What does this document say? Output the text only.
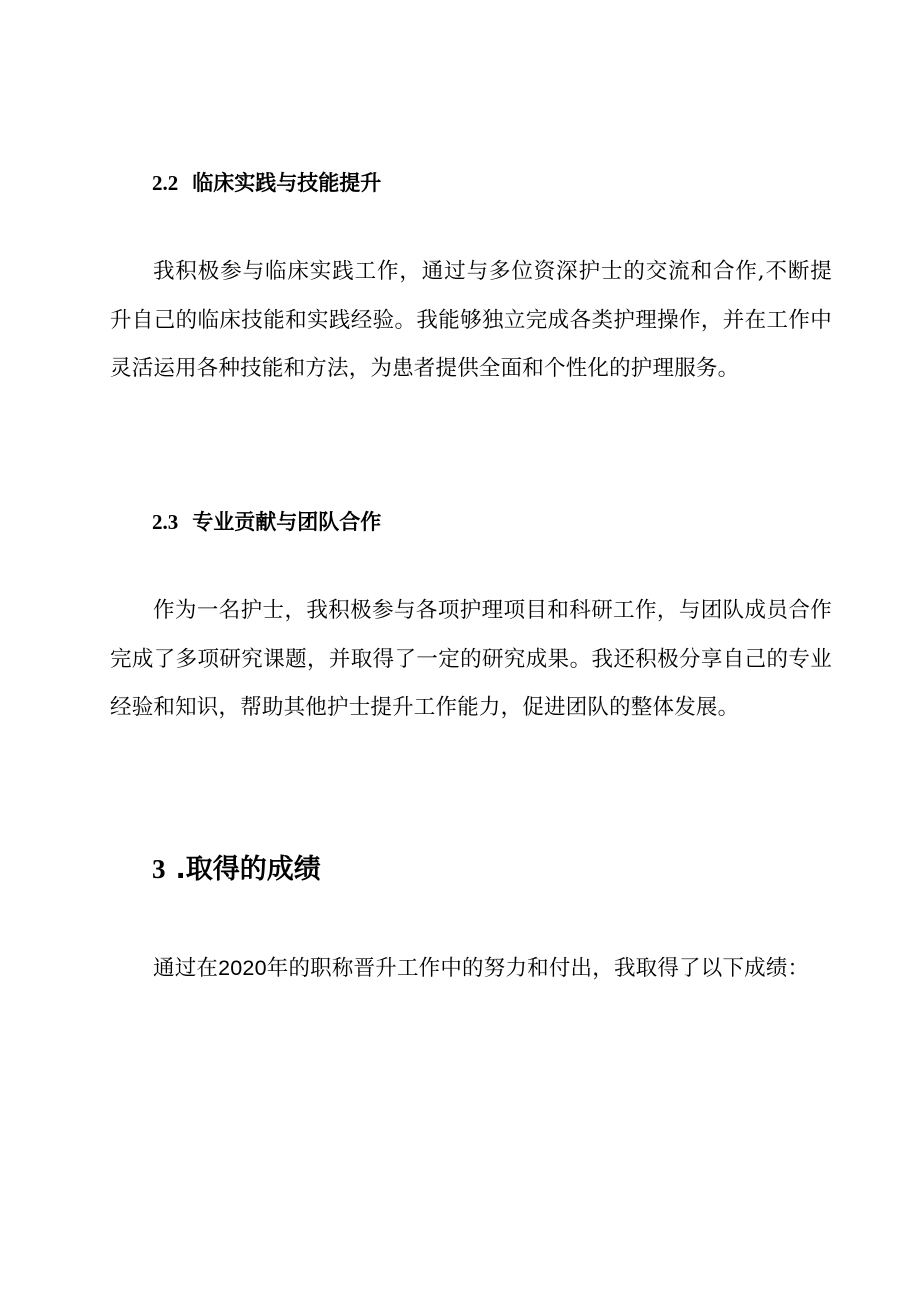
2.2 临床实践与技能提升
我积极参与临床实践工作，通过与多位资深护士的交流和合作,不断提升自己的临床技能和实践经验。我能够独立完成各类护理操作，并在工作中灵活运用各种技能和方法，为患者提供全面和个性化的护理服务。
2.3 专业贡献与团队合作
作为一名护士，我积极参与各项护理项目和科研工作，与团队成员合作完成了多项研究课题，并取得了一定的研究成果。我还积极分享自己的专业经验和知识，帮助其他护士提升工作能力，促进团队的整体发展。
3 .取得的成绩
通过在2020年的职称晋升工作中的努力和付出，我取得了以下成绩：
